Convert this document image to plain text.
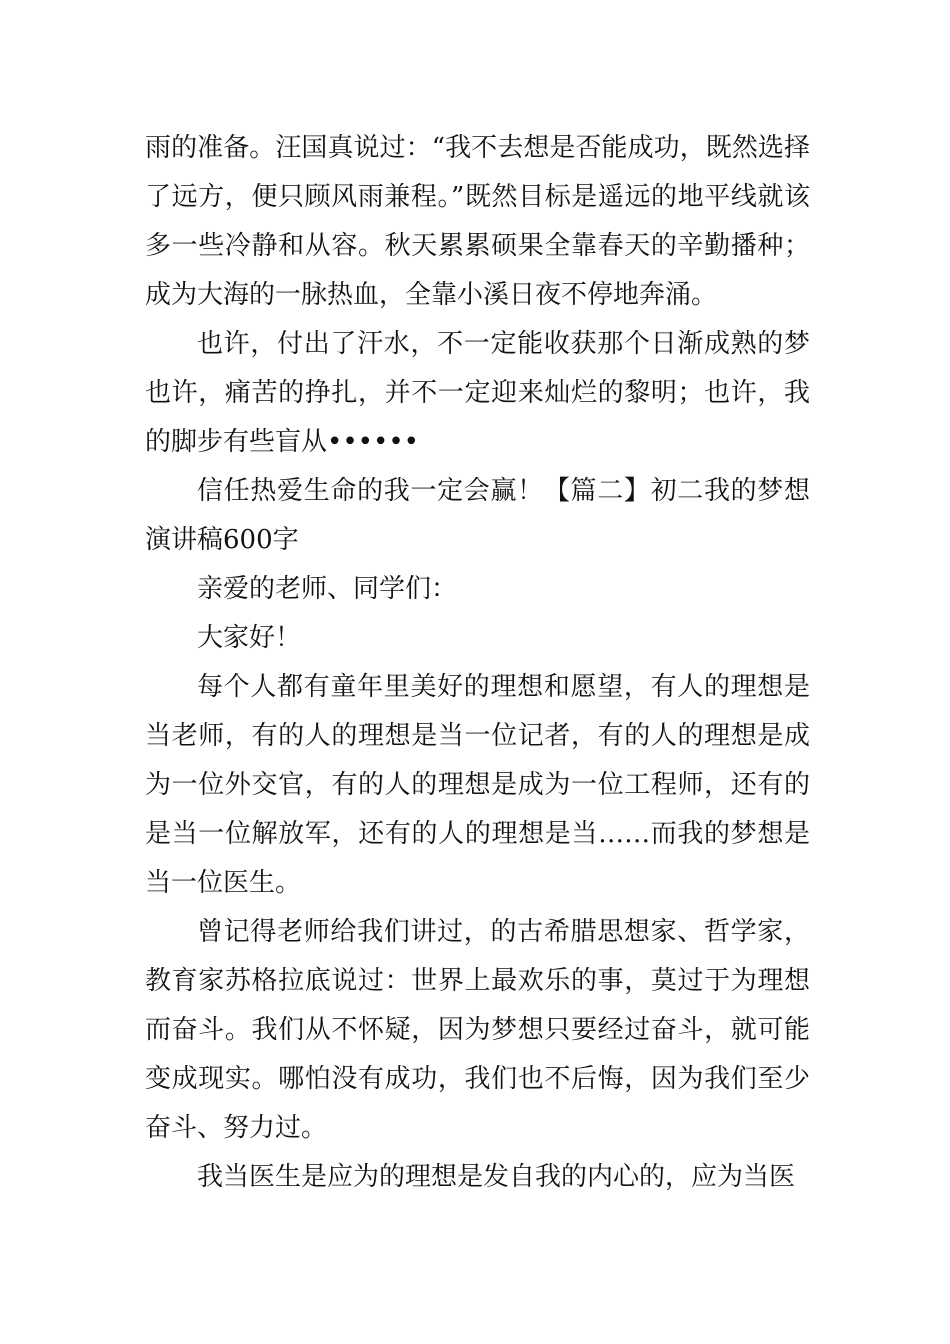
雨的准备。汪国真说过：“我不去想是否能成功，既然选择了远方，便只顾风雨兼程。”既然目标是遥远的地平线就该多一些冷静和从容。秋天累累硕果全靠春天的辛勤播种；成为大海的一脉热血，全靠小溪日夜不停地奔涌。

也许，付出了汗水，不一定能收获那个日渐成熟的梦也许，痛苦的挣扎，并不一定迎来灿烂的黎明；也许，我的脚步有些盲从••••••

信任热爱生命的我一定会赢！【篇二】初二我的梦想演讲稿600字

亲爱的老师、同学们：

大家好！

每个人都有童年里美好的理想和愿望，有人的理想是当老师，有的人的理想是当一位记者，有的人的理想是成为一位外交官，有的人的理想是成为一位工程师，还有的是当一位解放军，还有的人的理想是当……而我的梦想是当一位医生。

曾记得老师给我们讲过，的古希腊思想家、哲学家，教育家苏格拉底说过：世界上最欢乐的事，莫过于为理想而奋斗。我们从不怀疑，因为梦想只要经过奋斗，就可能变成现实。哪怕没有成功，我们也不后悔，因为我们至少奋斗、努力过。

我当医生是应为的理想是发自我的内心的，应为当医
